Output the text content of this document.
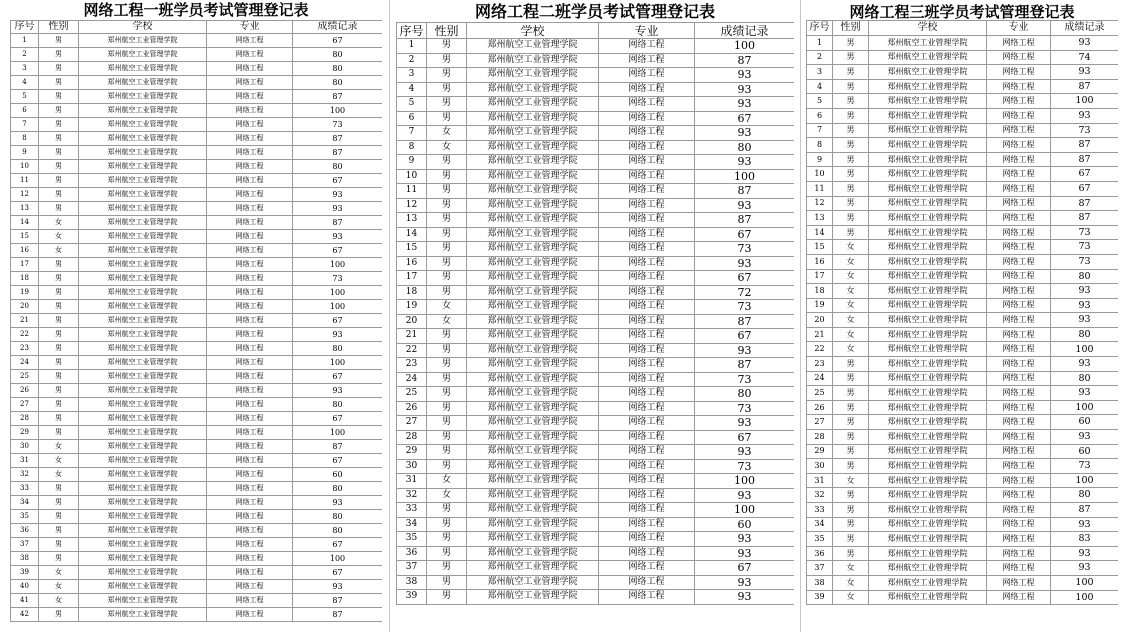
网络工程一班学员考试管理登记表
序号	性别	学校	专业	成绩记录
1	男	郑州航空工业管理学院	网络工程	67
2	男	郑州航空工业管理学院	网络工程	80
3	男	郑州航空工业管理学院	网络工程	80
4	男	郑州航空工业管理学院	网络工程	80
5	男	郑州航空工业管理学院	网络工程	87
6	男	郑州航空工业管理学院	网络工程	100
7	男	郑州航空工业管理学院	网络工程	73
8	男	郑州航空工业管理学院	网络工程	87
9	男	郑州航空工业管理学院	网络工程	87
10	男	郑州航空工业管理学院	网络工程	80
11	男	郑州航空工业管理学院	网络工程	67
12	男	郑州航空工业管理学院	网络工程	93
13	男	郑州航空工业管理学院	网络工程	93
14	女	郑州航空工业管理学院	网络工程	87
15	女	郑州航空工业管理学院	网络工程	93
16	女	郑州航空工业管理学院	网络工程	67
17	男	郑州航空工业管理学院	网络工程	100
18	男	郑州航空工业管理学院	网络工程	73
19	男	郑州航空工业管理学院	网络工程	100
20	男	郑州航空工业管理学院	网络工程	100
21	男	郑州航空工业管理学院	网络工程	67
22	男	郑州航空工业管理学院	网络工程	93
23	男	郑州航空工业管理学院	网络工程	80
24	男	郑州航空工业管理学院	网络工程	100
25	男	郑州航空工业管理学院	网络工程	67
26	男	郑州航空工业管理学院	网络工程	93
27	男	郑州航空工业管理学院	网络工程	80
28	男	郑州航空工业管理学院	网络工程	67
29	男	郑州航空工业管理学院	网络工程	100
30	女	郑州航空工业管理学院	网络工程	87
31	女	郑州航空工业管理学院	网络工程	67
32	女	郑州航空工业管理学院	网络工程	60
33	男	郑州航空工业管理学院	网络工程	80
34	男	郑州航空工业管理学院	网络工程	93
35	男	郑州航空工业管理学院	网络工程	80
36	男	郑州航空工业管理学院	网络工程	80
37	男	郑州航空工业管理学院	网络工程	67
38	男	郑州航空工业管理学院	网络工程	100
39	女	郑州航空工业管理学院	网络工程	67
40	女	郑州航空工业管理学院	网络工程	93
41	女	郑州航空工业管理学院	网络工程	87
42	男	郑州航空工业管理学院	网络工程	87
网络工程二班学员考试管理登记表
序号	性别	学校	专业	成绩记录
1	男	郑州航空工业管理学院	网络工程	100
2	男	郑州航空工业管理学院	网络工程	87
3	男	郑州航空工业管理学院	网络工程	93
4	男	郑州航空工业管理学院	网络工程	93
5	男	郑州航空工业管理学院	网络工程	93
6	男	郑州航空工业管理学院	网络工程	67
7	女	郑州航空工业管理学院	网络工程	93
8	女	郑州航空工业管理学院	网络工程	80
9	男	郑州航空工业管理学院	网络工程	93
10	男	郑州航空工业管理学院	网络工程	100
11	男	郑州航空工业管理学院	网络工程	87
12	男	郑州航空工业管理学院	网络工程	93
13	男	郑州航空工业管理学院	网络工程	87
14	男	郑州航空工业管理学院	网络工程	67
15	男	郑州航空工业管理学院	网络工程	73
16	男	郑州航空工业管理学院	网络工程	93
17	男	郑州航空工业管理学院	网络工程	67
18	男	郑州航空工业管理学院	网络工程	72
19	女	郑州航空工业管理学院	网络工程	73
20	女	郑州航空工业管理学院	网络工程	87
21	男	郑州航空工业管理学院	网络工程	67
22	男	郑州航空工业管理学院	网络工程	93
23	男	郑州航空工业管理学院	网络工程	87
24	男	郑州航空工业管理学院	网络工程	73
25	男	郑州航空工业管理学院	网络工程	80
26	男	郑州航空工业管理学院	网络工程	73
27	男	郑州航空工业管理学院	网络工程	93
28	男	郑州航空工业管理学院	网络工程	67
29	男	郑州航空工业管理学院	网络工程	93
30	男	郑州航空工业管理学院	网络工程	73
31	女	郑州航空工业管理学院	网络工程	100
32	女	郑州航空工业管理学院	网络工程	93
33	男	郑州航空工业管理学院	网络工程	100
34	男	郑州航空工业管理学院	网络工程	60
35	男	郑州航空工业管理学院	网络工程	93
36	男	郑州航空工业管理学院	网络工程	93
37	男	郑州航空工业管理学院	网络工程	67
38	男	郑州航空工业管理学院	网络工程	93
39	男	郑州航空工业管理学院	网络工程	93
网络工程三班学员考试管理登记表
序号	性别	学校	专业	成绩记录
1	男	郑州航空工业管理学院	网络工程	93
2	男	郑州航空工业管理学院	网络工程	74
3	男	郑州航空工业管理学院	网络工程	93
4	男	郑州航空工业管理学院	网络工程	87
5	男	郑州航空工业管理学院	网络工程	100
6	男	郑州航空工业管理学院	网络工程	93
7	男	郑州航空工业管理学院	网络工程	73
8	男	郑州航空工业管理学院	网络工程	87
9	男	郑州航空工业管理学院	网络工程	87
10	男	郑州航空工业管理学院	网络工程	67
11	男	郑州航空工业管理学院	网络工程	67
12	男	郑州航空工业管理学院	网络工程	87
13	男	郑州航空工业管理学院	网络工程	87
14	男	郑州航空工业管理学院	网络工程	73
15	女	郑州航空工业管理学院	网络工程	73
16	女	郑州航空工业管理学院	网络工程	73
17	女	郑州航空工业管理学院	网络工程	80
18	女	郑州航空工业管理学院	网络工程	93
19	女	郑州航空工业管理学院	网络工程	93
20	女	郑州航空工业管理学院	网络工程	93
21	女	郑州航空工业管理学院	网络工程	80
22	女	郑州航空工业管理学院	网络工程	100
23	男	郑州航空工业管理学院	网络工程	93
24	男	郑州航空工业管理学院	网络工程	80
25	男	郑州航空工业管理学院	网络工程	93
26	男	郑州航空工业管理学院	网络工程	100
27	男	郑州航空工业管理学院	网络工程	60
28	男	郑州航空工业管理学院	网络工程	93
29	男	郑州航空工业管理学院	网络工程	60
30	男	郑州航空工业管理学院	网络工程	73
31	女	郑州航空工业管理学院	网络工程	100
32	男	郑州航空工业管理学院	网络工程	80
33	男	郑州航空工业管理学院	网络工程	87
34	男	郑州航空工业管理学院	网络工程	93
35	男	郑州航空工业管理学院	网络工程	83
36	男	郑州航空工业管理学院	网络工程	93
37	女	郑州航空工业管理学院	网络工程	93
38	女	郑州航空工业管理学院	网络工程	100
39	女	郑州航空工业管理学院	网络工程	100
